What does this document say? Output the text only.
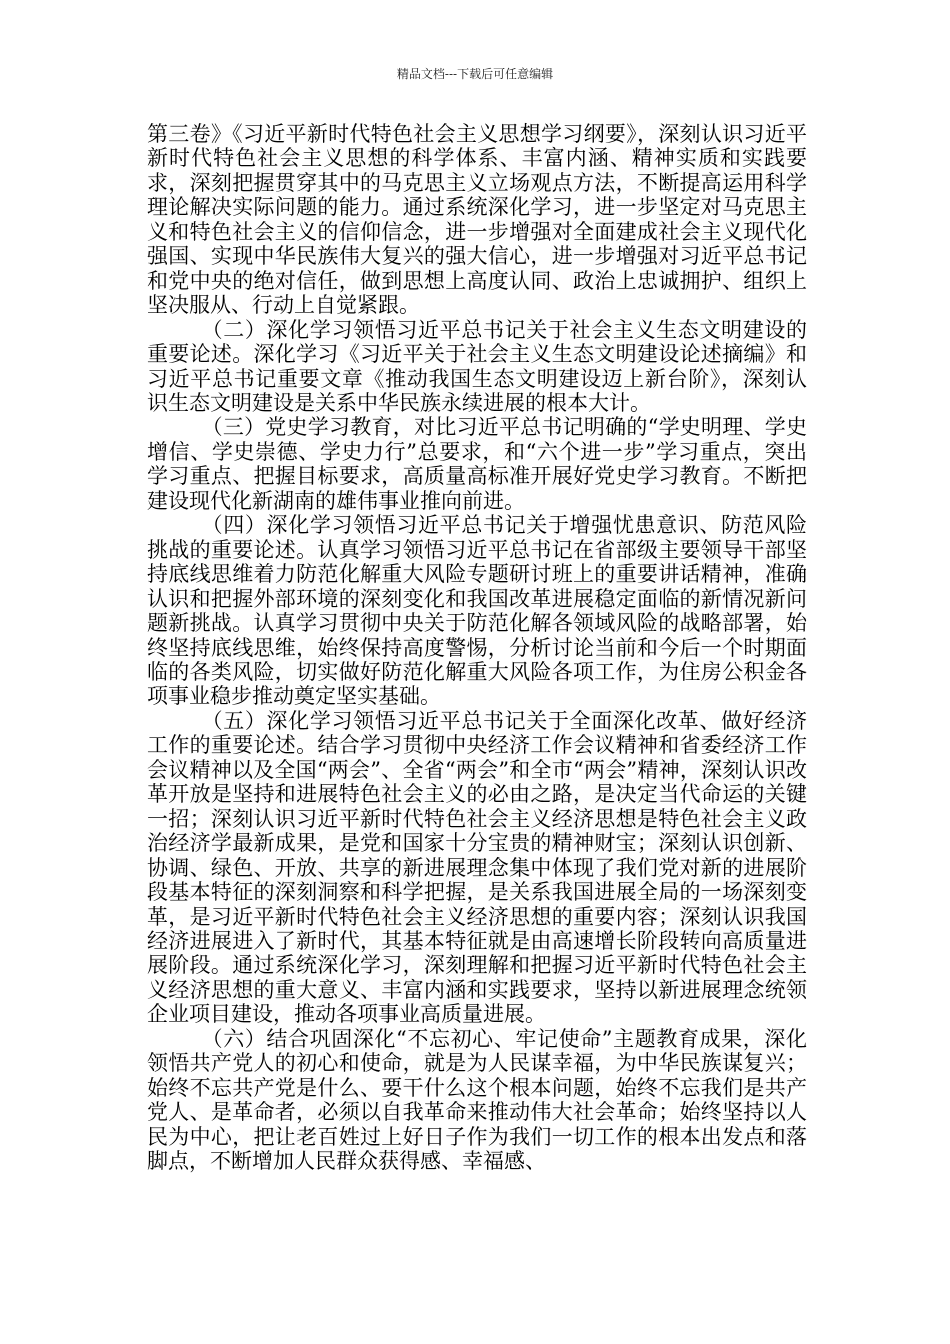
精品文档---下载后可任意编辑

第三卷》《习近平新时代特色社会主义思想学习纲要》，深刻认识习近平新时代特色社会主义思想的科学体系、丰富内涵、精神实质和实践要求，深刻把握贯穿其中的马克思主义立场观点方法，不断提高运用科学理论解决实际问题的能力。通过系统深化学习，进一步坚定对马克思主义和特色社会主义的信仰信念，进一步增强对全面建成社会主义现代化强国、实现中华民族伟大复兴的强大信心，进一步增强对习近平总书记和党中央的绝对信任，做到思想上高度认同、政治上忠诚拥护、组织上坚决服从、行动上自觉紧跟。

（二）深化学习领悟习近平总书记关于社会主义生态文明建设的重要论述。深化学习《习近平关于社会主义生态文明建设论述摘编》和习近平总书记重要文章《推动我国生态文明建设迈上新台阶》，深刻认识生态文明建设是关系中华民族永续进展的根本大计。

（三）党史学习教育，对比习近平总书记明确的“学史明理、学史增信、学史崇德、学史力行”总要求，和“六个进一步”学习重点，突出学习重点、把握目标要求，高质量高标准开展好党史学习教育。不断把建设现代化新湖南的雄伟事业推向前进。

（四）深化学习领悟习近平总书记关于增强忧患意识、防范风险挑战的重要论述。认真学习领悟习近平总书记在省部级主要领导干部坚持底线思维着力防范化解重大风险专题研讨班上的重要讲话精神，准确认识和把握外部环境的深刻变化和我国改革进展稳定面临的新情况新问题新挑战。认真学习贯彻中央关于防范化解各领域风险的战略部署，始终坚持底线思维，始终保持高度警惕，分析讨论当前和今后一个时期面临的各类风险，切实做好防范化解重大风险各项工作，为住房公积金各项事业稳步推动奠定坚实基础。

（五）深化学习领悟习近平总书记关于全面深化改革、做好经济工作的重要论述。结合学习贯彻中央经济工作会议精神和省委经济工作会议精神以及全国“两会”、全省“两会”和全市“两会”精神，深刻认识改革开放是坚持和进展特色社会主义的必由之路，是决定当代命运的关键一招；深刻认识习近平新时代特色社会主义经济思想是特色社会主义政治经济学最新成果，是党和国家十分宝贵的精神财宝；深刻认识创新、协调、绿色、开放、共享的新进展理念集中体现了我们党对新的进展阶段基本特征的深刻洞察和科学把握，是关系我国进展全局的一场深刻变革，是习近平新时代特色社会主义经济思想的重要内容；深刻认识我国经济进展进入了新时代，其基本特征就是由高速增长阶段转向高质量进展阶段。通过系统深化学习，深刻理解和把握习近平新时代特色社会主义经济思想的重大意义、丰富内涵和实践要求，坚持以新进展理念统领企业项目建设，推动各项事业高质量进展。

（六）结合巩固深化“不忘初心、牢记使命”主题教育成果，深化领悟共产党人的初心和使命，就是为人民谋幸福，为中华民族谋复兴；始终不忘共产党是什么、要干什么这个根本问题，始终不忘我们是共产党人、是革命者，必须以自我革命来推动伟大社会革命；始终坚持以人民为中心，把让老百姓过上好日子作为我们一切工作的根本出发点和落脚点，不断增加人民群众获得感、幸福感、
